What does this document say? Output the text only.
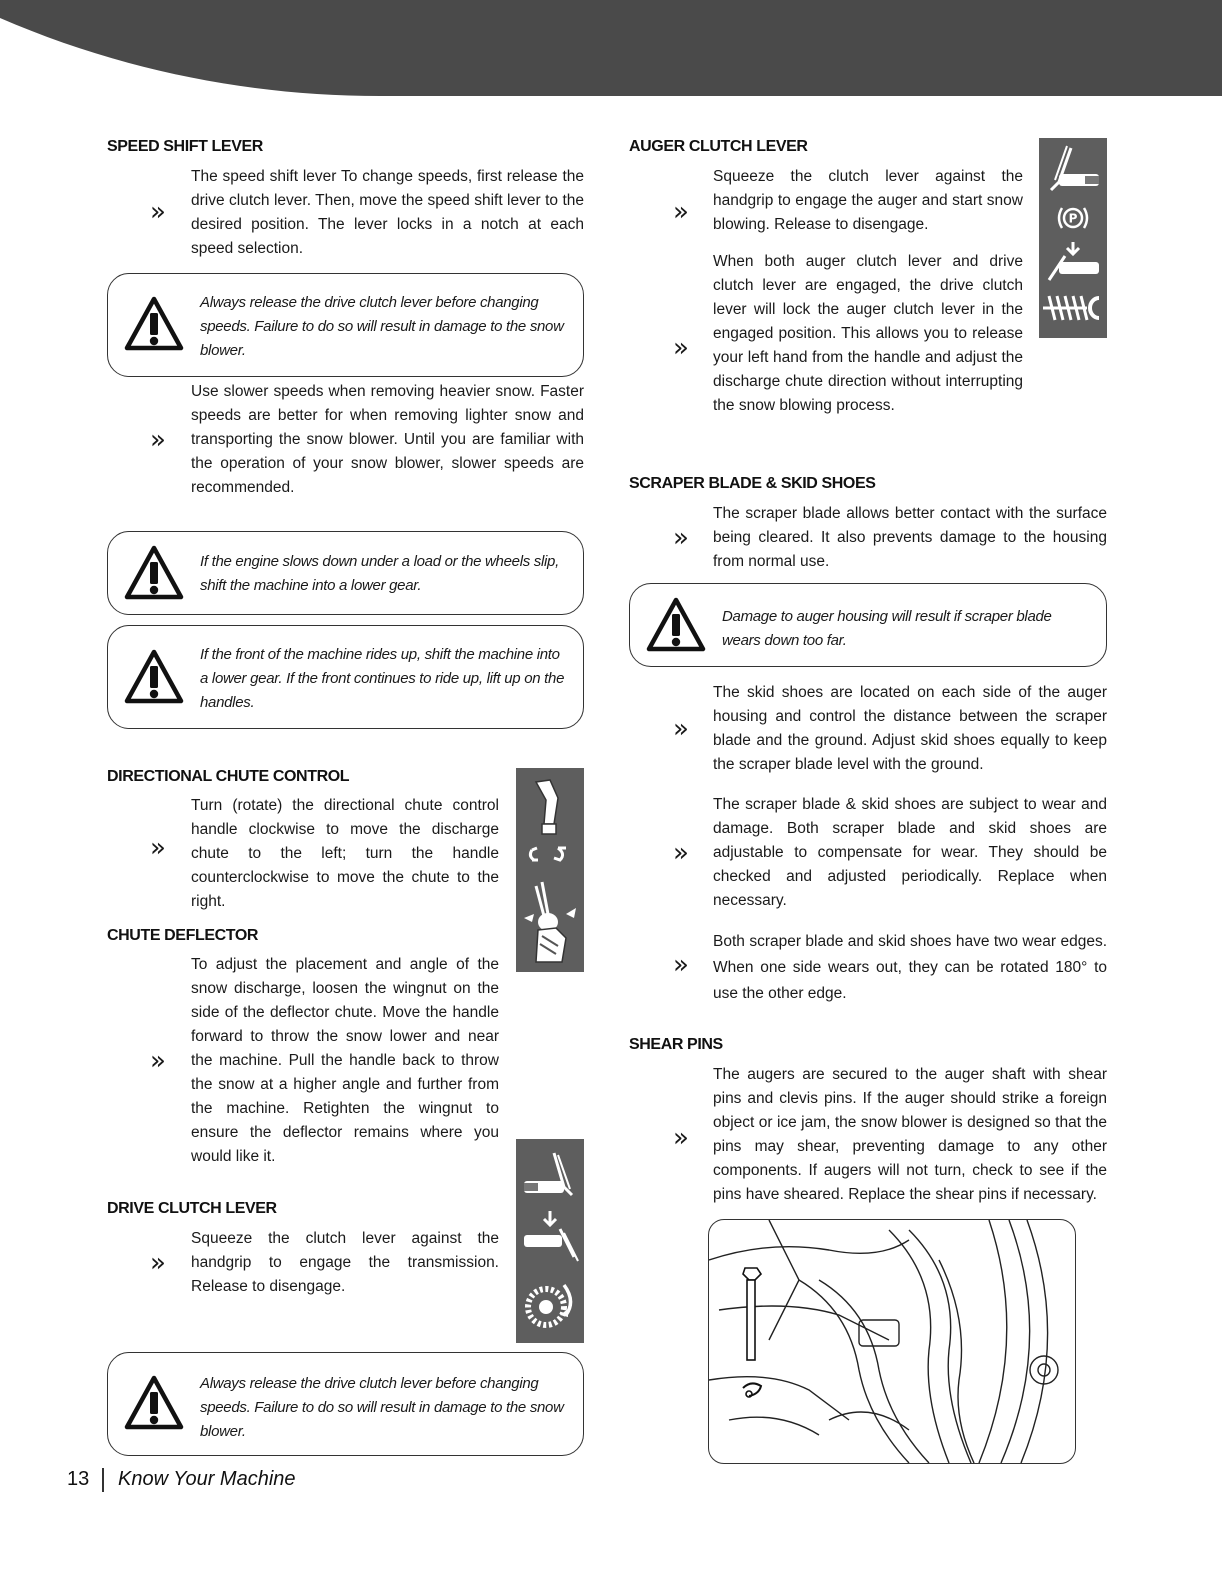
SPEED SHIFT LEVER
»

The speed shift lever To change speeds, first release the drive clutch lever. Then, move the speed shift lever to the desired position. The lever locks in a notch at each speed selection.

Always release the drive clutch lever before changing speeds. Failure to do so will result in damage to the snow blower.
»

Use slower speeds when removing heavier snow. Faster speeds are better for when removing lighter snow and transporting the snow blower. Until you are familiar with the operation of your snow blower, slower speeds are recommended.

If the engine slows down under a load or the wheels slip, shift the machine into a lower gear.
If the front of the machine rides up, shift the machine into a lower gear. If the front continues to ride up, lift up on the handles.
DIRECTIONAL CHUTE CONTROL
»

Turn (rotate) the directional chute control handle clockwise to move the discharge chute to the left; turn the handle counterclockwise to move the chute to the right.

CHUTE DEFLECTOR
»

To adjust the placement and angle of the snow discharge, loosen the wingnut on the side of the deflector chute. Move the handle forward to throw the snow lower and near the machine. Pull the handle back to throw the snow at a higher angle and further from the machine. Retighten the wingnut to ensure the deflector remains where you would like it.

DRIVE CLUTCH LEVER
»

Squeeze the clutch lever against the handgrip to engage the transmission. Release to disengage.

Always release the drive clutch lever before changing speeds. Failure to do so will result in damage to the snow blower.
AUGER CLUTCH LEVER
»

Squeeze the clutch lever against the handgrip to engage the auger and start snow blowing. Release to disengage.

»

When both auger clutch lever and drive clutch lever are engaged, the drive clutch lever will lock the auger clutch lever in the engaged position. This allows you to release your left hand from the handle and adjust the discharge chute direction without interrupting the snow blowing process.

P
SCRAPER BLADE & SKID SHOES
»

The scraper blade allows better contact with the surface being cleared. It also prevents damage to the housing from normal use.

Damage to auger housing will result if scraper blade wears down too far.
»

The skid shoes are located on each side of the auger housing and control the distance between the scraper blade and the ground. Adjust skid shoes equally to keep the scraper blade level with the ground.

»

The scraper blade & skid shoes are subject to wear and damage. Both scraper blade and skid shoes are adjustable to compensate for wear. They should be checked and adjusted periodically. Replace when necessary.

»

Both scraper blade and skid shoes have two wear edges. When one side wears out, they can be rotated 180° to use the other edge.

SHEAR PINS
»

The augers are secured to the auger shaft with shear pins and clevis pins. If the auger should strike a foreign object or ice jam, the snow blower is designed so that the pins may shear, preventing damage to any other components. If augers will not turn, check to see if the pins have sheared. Replace the shear pins if necessary.

13 Know Your Machine
